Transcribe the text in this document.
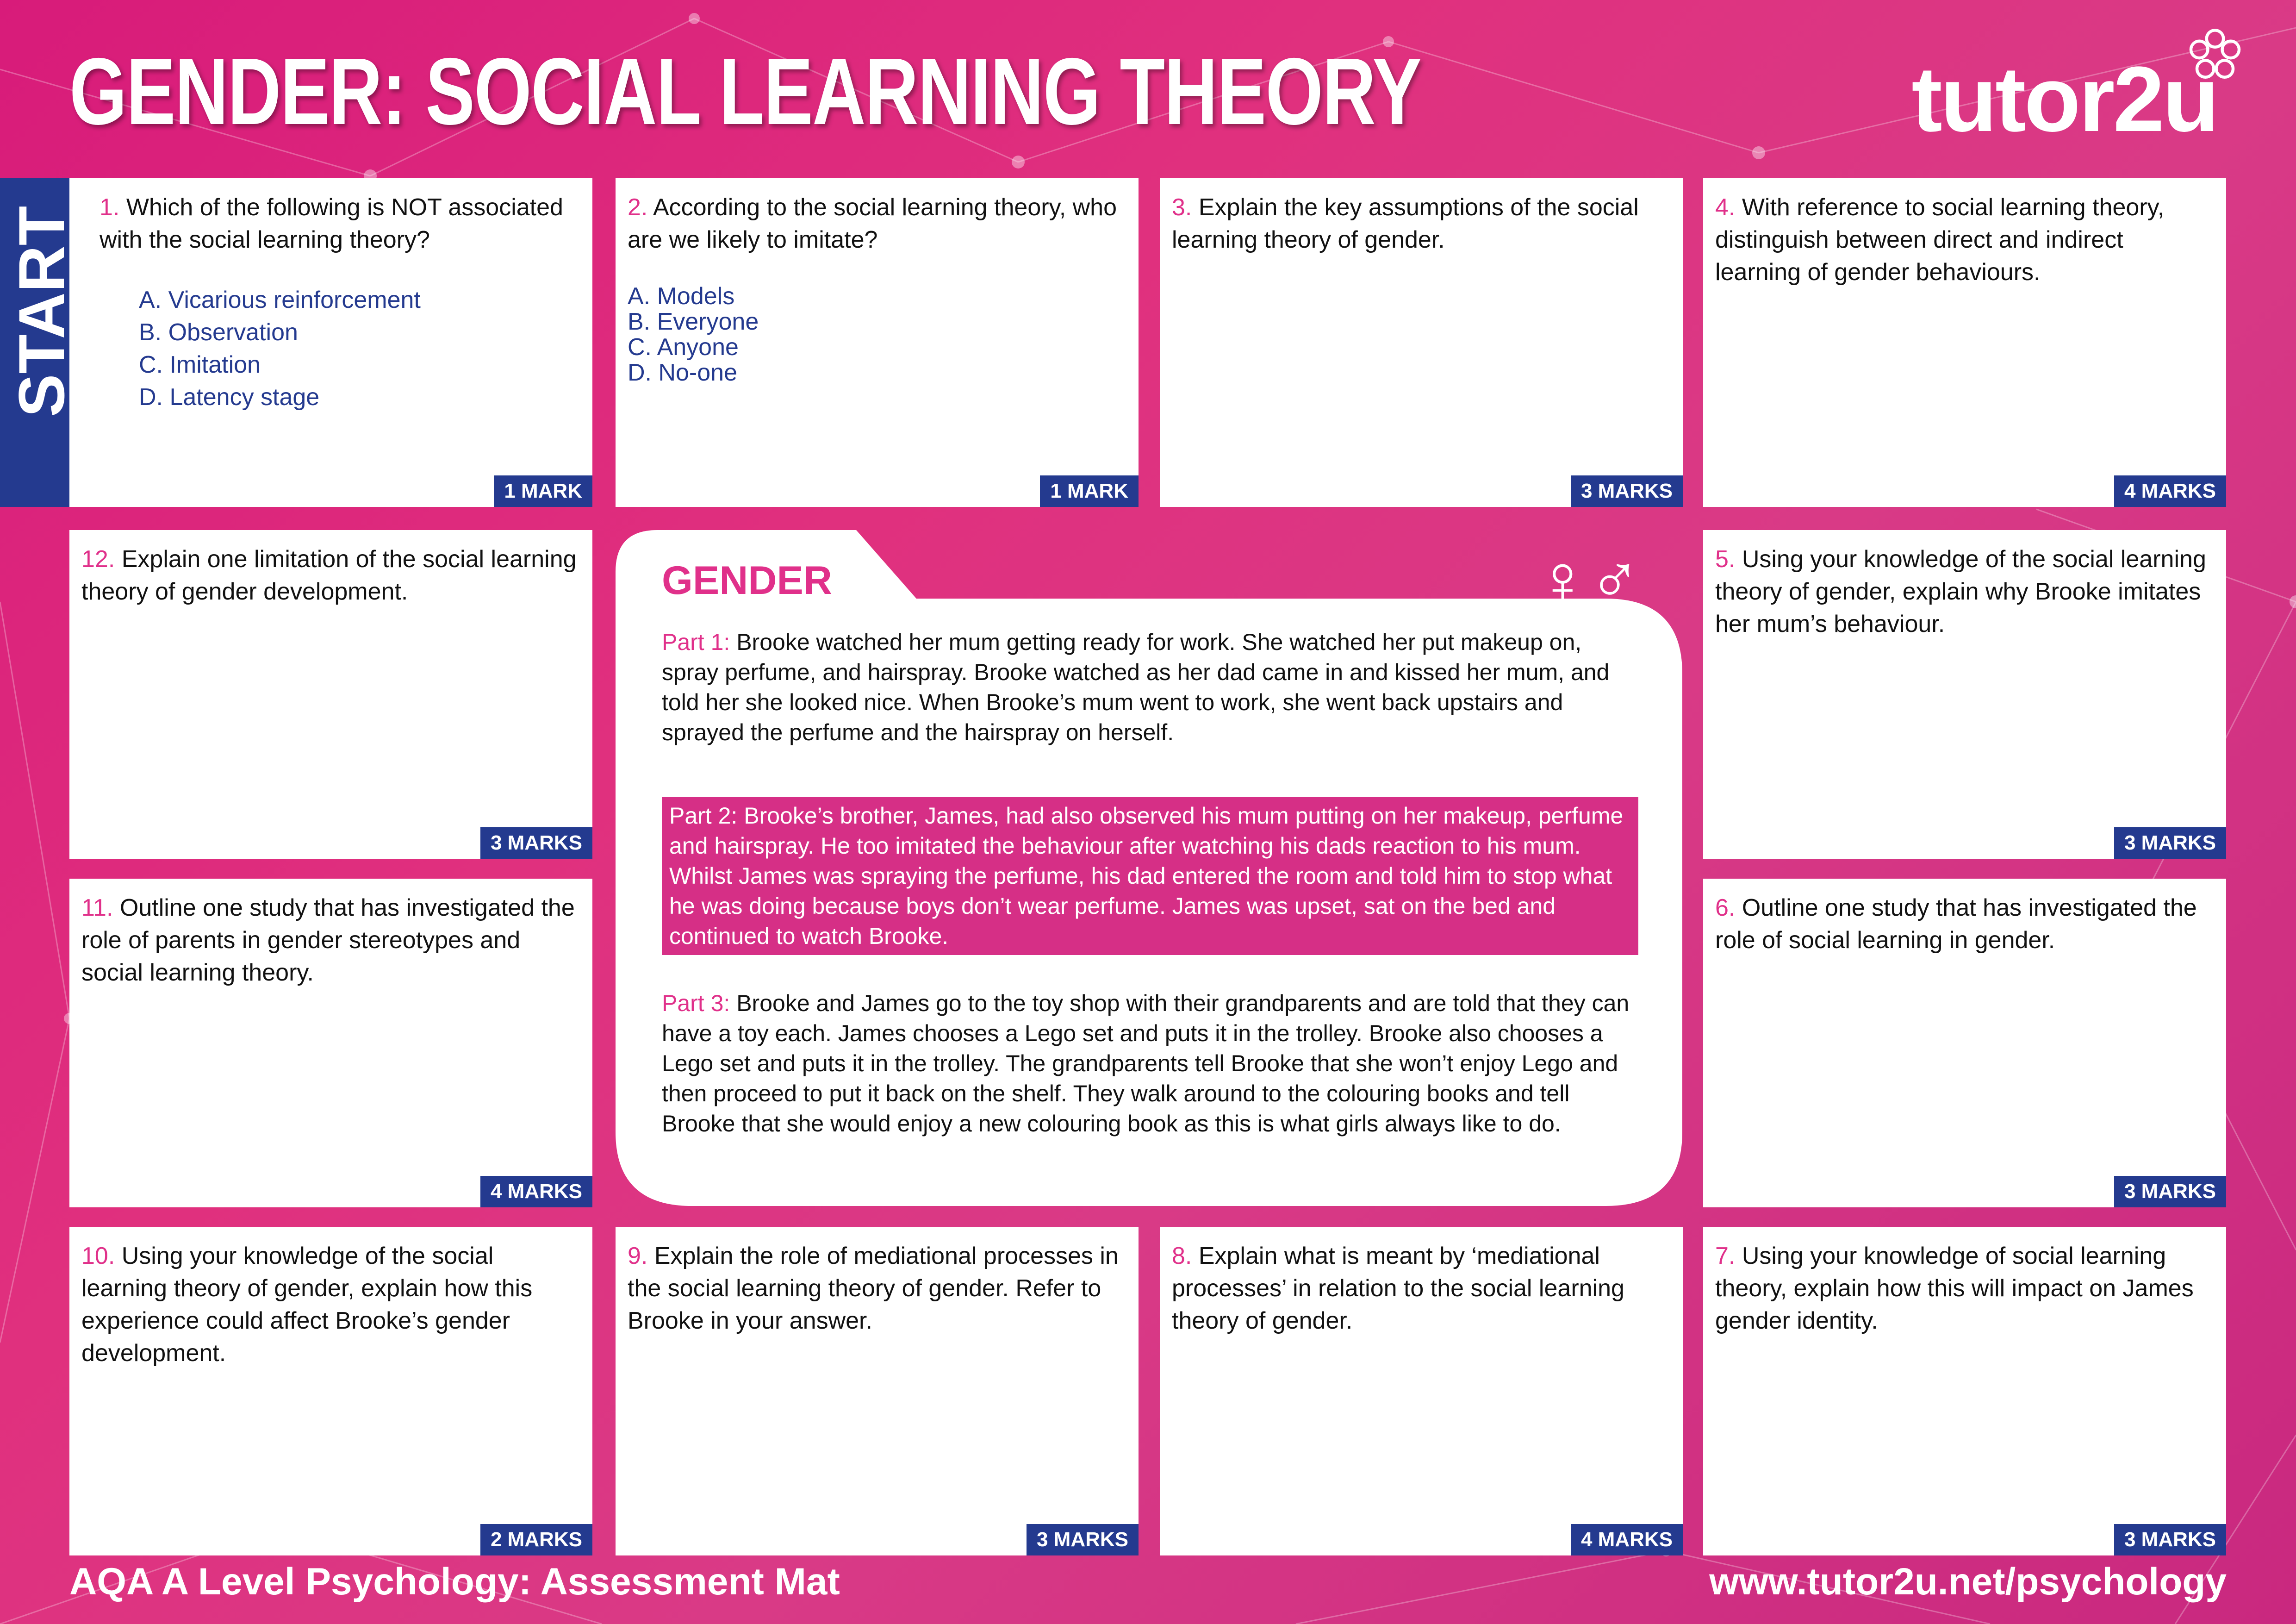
GENDER: SOCIAL LEARNING THEORY	tutor2u
1. Which of the following is NOT associated with the social learning theory?
A. Vicarious reinforcement
B. Observation
C. Imitation
D. Latency stage
1 MARK
2. According to the social learning theory, who are we likely to imitate?
A. Models
B. Everyone
C. Anyone
D. No-one
1 MARK
3. Explain the key assumptions of the social learning theory of gender.
3 MARKS
4. With reference to social learning theory, distinguish between direct and indirect learning of gender behaviours.
4 MARKS
12. Explain one limitation of the social learning theory of gender development.
3 MARKS
11. Outline one study that has investigated the role of parents in gender stereotypes and social learning theory.
4 MARKS
5. Using your knowledge of the social learning theory of gender, explain why Brooke imitates her mum’s behaviour.
3 MARKS
6. Outline one study that has investigated the role of social learning in gender.
3 MARKS
10. Using your knowledge of the social learning theory of gender, explain how this experience could affect Brooke’s gender development.
2 MARKS
9. Explain the role of mediational processes in the social learning theory of gender. Refer to Brooke in your answer.
3 MARKS
8. Explain what is meant by ‘mediational processes’ in relation to the social learning theory of gender.
4 MARKS
7. Using your knowledge of social learning theory, explain how this will impact on James gender identity.
3 MARKS
GENDER	♀♂
Part 1: Brooke watched her mum getting ready for work. She watched her put makeup on, spray perfume, and hairspray. Brooke watched as her dad came in and kissed her mum, and told her she looked nice. When Brooke’s mum went to work, she went back upstairs and sprayed the perfume and the hairspray on herself.
Part 2: Brooke’s brother, James, had also observed his mum putting on her makeup, perfume and hairspray. He too imitated the behaviour after watching his dads reaction to his mum. Whilst James was spraying the perfume, his dad entered the room and told him to stop what he was doing because boys don’t wear perfume. James was upset, sat on the bed and continued to watch Brooke.
Part 3: Brooke and James go to the toy shop with their grandparents and are told that they can have a toy each. James chooses a Lego set and puts it in the trolley. Brooke also chooses a Lego set and puts it in the trolley. The grandparents tell Brooke that she won’t enjoy Lego and then proceed to put it back on the shelf. They walk around to the colouring books and tell Brooke that she would enjoy a new colouring book as this is what girls always like to do.
AQA A Level Psychology: Assessment Mat	www.tutor2u.net/psychology
